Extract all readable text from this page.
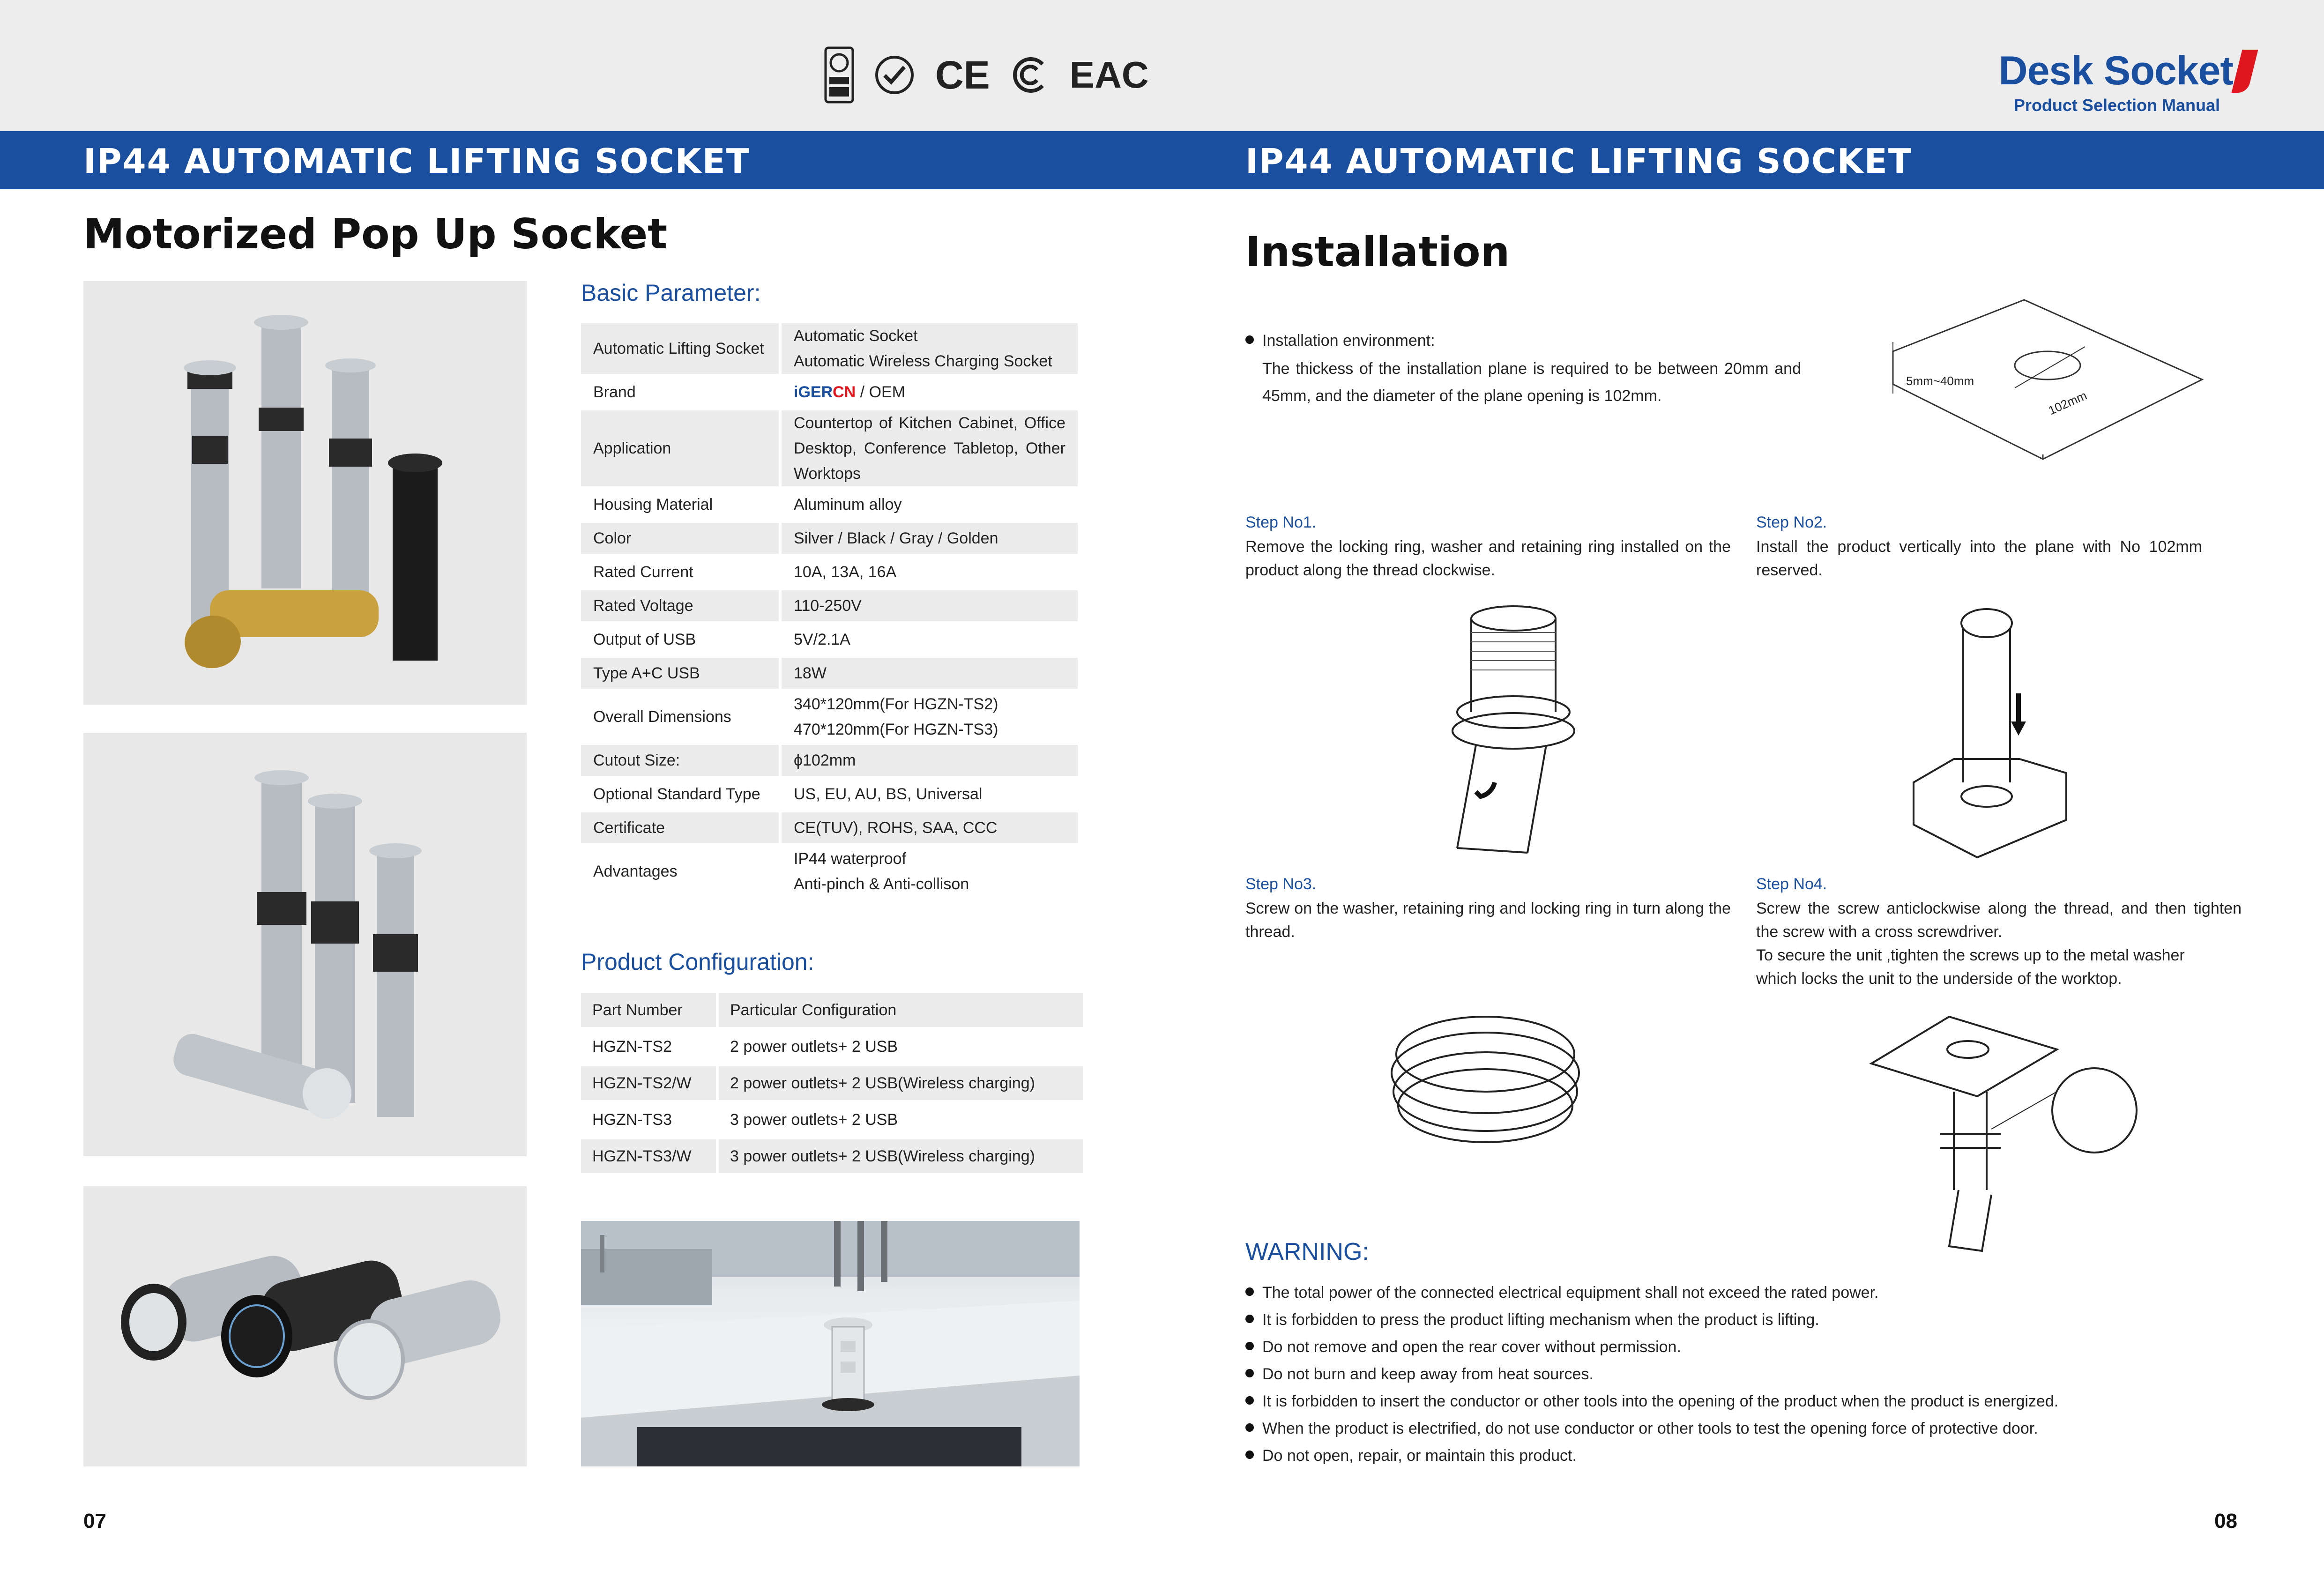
CE EAC	Desk Socket
Product Selection Manual
IP44 AUTOMATIC LIFTING SOCKET	IP44 AUTOMATIC LIFTING SOCKET
Motorized Pop Up Socket
Basic Parameter:
Automatic Lifting Socket	Automatic Socket
Automatic Wireless Charging Socket

Brand	iGERCN / OEM
Application	Countertop of Kitchen Cabinet, Office Desktop, Conference Tabletop, Other Worktops
Housing Material	Aluminum alloy
Color	Silver / Black / Gray / Golden
Rated Current	10A, 13A, 16A
Rated Voltage	110-250V
Output of USB	5V/2.1A
Type A+C USB	18W
Overall Dimensions	340*120mm(For HGZN-TS2)
470*120mm(For HGZN-TS3)

Cutout Size:	ϕ102mm
Optional Standard Type	US, EU, AU, BS, Universal
Certificate	CE(TUV), ROHS, SAA, CCC
Advantages	IP44 waterproof
Anti-pinch & Anti-collison
Product Configuration:
Part Number	Particular Configuration
HGZN-TS2	2 power outlets+ 2 USB
HGZN-TS2/W	2 power outlets+ 2 USB(Wireless charging)
HGZN-TS3	3 power outlets+ 2 USB
HGZN-TS3/W	3 power outlets+ 2 USB(Wireless charging)
07
Installation
Installation environment:
The thickess of the installation plane is required to be between 20mm and
45mm, and the diameter of the plane opening is 102mm.
5mm~40mm
102mm
Step No1.
Remove the locking ring, washer and retaining ring installed on the
product along the thread clockwise.
Step No2.
Install the product vertically into the plane with No 102mm
reserved.
Step No3.
Screw on the washer, retaining ring and locking ring in turn along the
thread.
Step No4.
Screw the screw anticlockwise along the thread, and then tighten
the screw with a cross screwdriver.
To secure the unit ,tighten the screws up to the metal washer
which locks the unit to the underside of the worktop.
WARNING:
The total power of the connected electrical equipment shall not exceed the rated power.
It is forbidden to press the product lifting mechanism when the product is lifting.
Do not remove and open the rear cover without permission.
Do not burn and keep away from heat sources.
It is forbidden to insert the conductor or other tools into the opening of the product when the product is energized.
When the product is electrified, do not use conductor or other tools to test the opening force of protective door.
Do not open, repair, or maintain this product.
08
